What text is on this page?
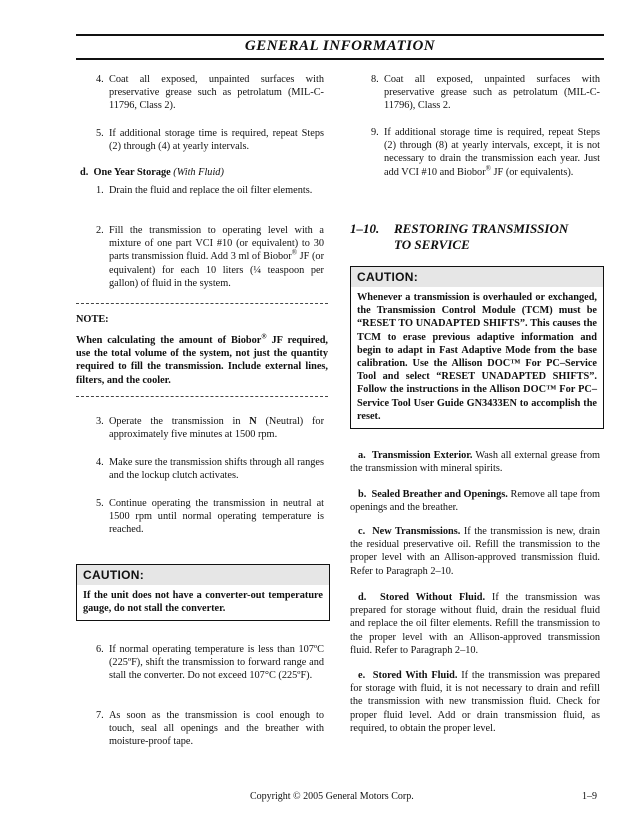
GENERAL INFORMATION
4. Coat all exposed, unpainted surfaces with preservative grease such as petrolatum (MIL-C-11796, Class 2).
5. If additional storage time is required, repeat Steps (2) through (4) at yearly intervals.
d. One Year Storage (With Fluid)
1. Drain the fluid and replace the oil filter elements.
2. Fill the transmission to operating level with a mixture of one part VCI #10 (or equivalent) to 30 parts transmission fluid. Add 3 ml of Biobor® JF (or equivalent) for each 10 liters (¼ teaspoon per gallon) of fluid in the system.
NOTE:
When calculating the amount of Biobor® JF required, use the total volume of the system, not just the quantity required to fill the transmission. Include external lines, filters, and the cooler.
3. Operate the transmission in N (Neutral) for approximately five minutes at 1500 rpm.
4. Make sure the transmission shifts through all ranges and the lockup clutch activates.
5. Continue operating the transmission in neutral at 1500 rpm until normal operating temperature is reached.
CAUTION:
If the unit does not have a converter-out temperature gauge, do not stall the converter.
6. If normal operating temperature is less than 107ºC (225ºF), shift the transmission to forward range and stall the converter. Do not exceed 107°C (225ºF).
7. As soon as the transmission is cool enough to touch, seal all openings and the breather with moisture-proof tape.
8. Coat all exposed, unpainted surfaces with preservative grease such as petrolatum (MIL-C-11796), Class 2.
9. If additional storage time is required, repeat Steps (2) through (8) at yearly intervals, except, it is not necessary to drain the transmission each year. Just add VCI #10 and Biobor® JF (or equivalents).
1–10. RESTORING TRANSMISSION
TO SERVICE
CAUTION:
Whenever a transmission is overhauled or exchanged, the Transmission Control Module (TCM) must be “RESET TO UNADAPTED SHIFTS”. This causes the TCM to erase previous adaptive information and begin to adapt in Fast Adaptive Mode from the base calibration. Use the Allison DOC™ For PC–Service Tool and select “RESET UNADAPTED SHIFTS”. Follow the instructions in the Allison DOC™ For PC–Service Tool User Guide GN3433EN to accomplish the reset.
a. Transmission Exterior. Wash all external grease from the transmission with mineral spirits.
b. Sealed Breather and Openings. Remove all tape from openings and the breather.
c. New Transmissions. If the transmission is new, drain the residual preservative oil. Refill the transmission to the proper level with an Allison-approved transmission fluid. Refer to Paragraph 2–10.
d. Stored Without Fluid. If the transmission was prepared for storage without fluid, drain the residual fluid and replace the oil filter elements. Refill the transmission to the proper level with an Allison-approved transmission fluid. Refer to Paragraph 2–10.
e. Stored With Fluid. If the transmission was prepared for storage with fluid, it is not necessary to drain and refill the transmission with new transmission fluid. Check for proper fluid level. Add or drain transmission fluid, as required, to obtain the proper level.
Copyright © 2005 General Motors Corp.	1–9
